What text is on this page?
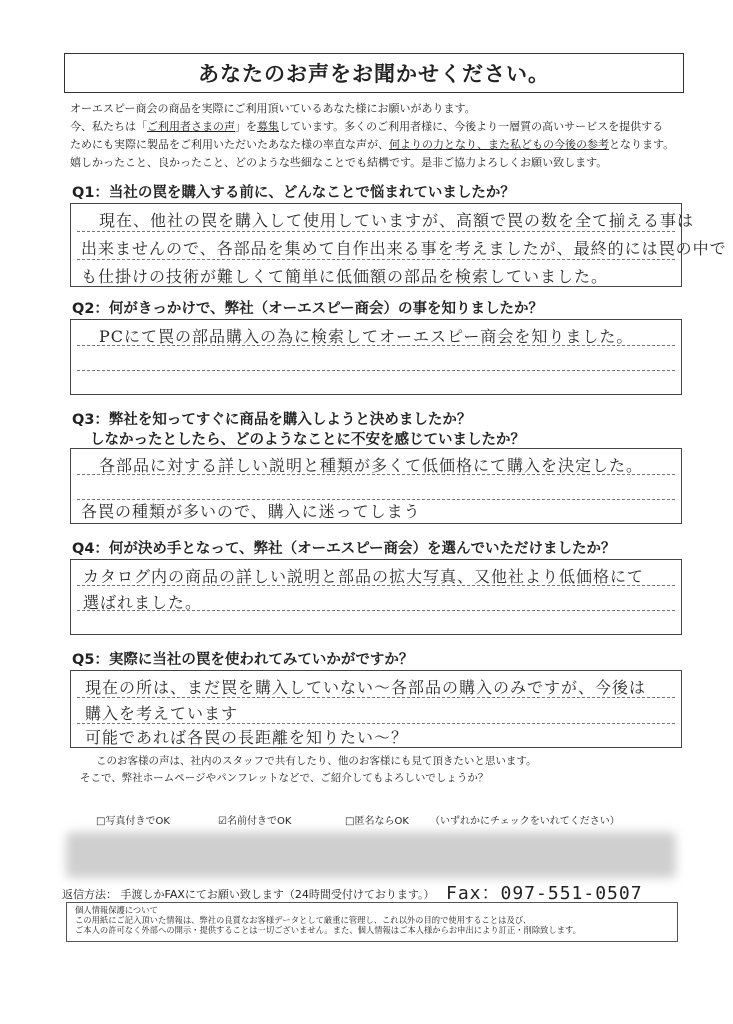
あなたのお声をお聞かせください。
オーエスピー商会の商品を実際にご利用頂いているあなた様にお願いがあります。
今、私たちは「ご利用者さまの声」を募集しています。多くのご利用者様に、今後より一層質の高いサービスを提供する
ためにも実際に製品をご利用いただいたあなた様の率直な声が、何よりの力となり、また私どもの今後の参考となります。
嬉しかったこと、良かったこと、どのような些細なことでも結構です。是非ご協力よろしくお願い致します。
Q1：当社の罠を購入する前に、どんなことで悩まれていましたか？
現在、他社の罠を購入して使用していますが、高額で罠の数を全て揃える事は
出来ませんので、各部品を集めて自作出来る事を考えましたが、最終的には罠の中で
も仕掛けの技術が難しくて簡単に低価額の部品を検索していました。
Q2：何がきっかけで、弊社（オーエスピー商会）の事を知りましたか？
PCにて罠の部品購入の為に検索してオーエスピー商会を知りました。
Q3：弊社を知ってすぐに商品を購入しようと決めましたか？
しなかったとしたら、どのようなことに不安を感じていましたか？
各部品に対する詳しい説明と種類が多くて低価格にて購入を決定した。
各罠の種類が多いので、購入に迷ってしまう
Q4：何が決め手となって、弊社（オーエスピー商会）を選んでいただけましたか？
カタログ内の商品の詳しい説明と部品の拡大写真、又他社より低価格にて
選ばれました。
Q5：実際に当社の罠を使われてみていかがですか？
現在の所は、まだ罠を購入していない～各部品の購入のみですが、今後は
購入を考えています
可能であれば各罠の長距離を知りたい～？
このお客様の声は、社内のスタッフで共有したり、他のお客様にも見て頂きたいと思います。
そこで、弊社ホームページやパンフレットなどで、ご紹介してもよろしいでしょうか？
□写真付きでOK	☑名前付きでOK	□匿名ならOK （いずれかにチェックをいれてください）
返信方法： 手渡しかFAXにてお願い致します（24時間受付けております。） Fax：097-551-0507
個人情報保護について
この用紙にご記入頂いた情報は、弊社の良質なお客様データとして厳重に管理し、これ以外の目的で使用することは及び、
ご本人の許可なく外部への開示・提供することは一切ございません。また、個人情報はご本人様からお申出により訂正・削除致します。
